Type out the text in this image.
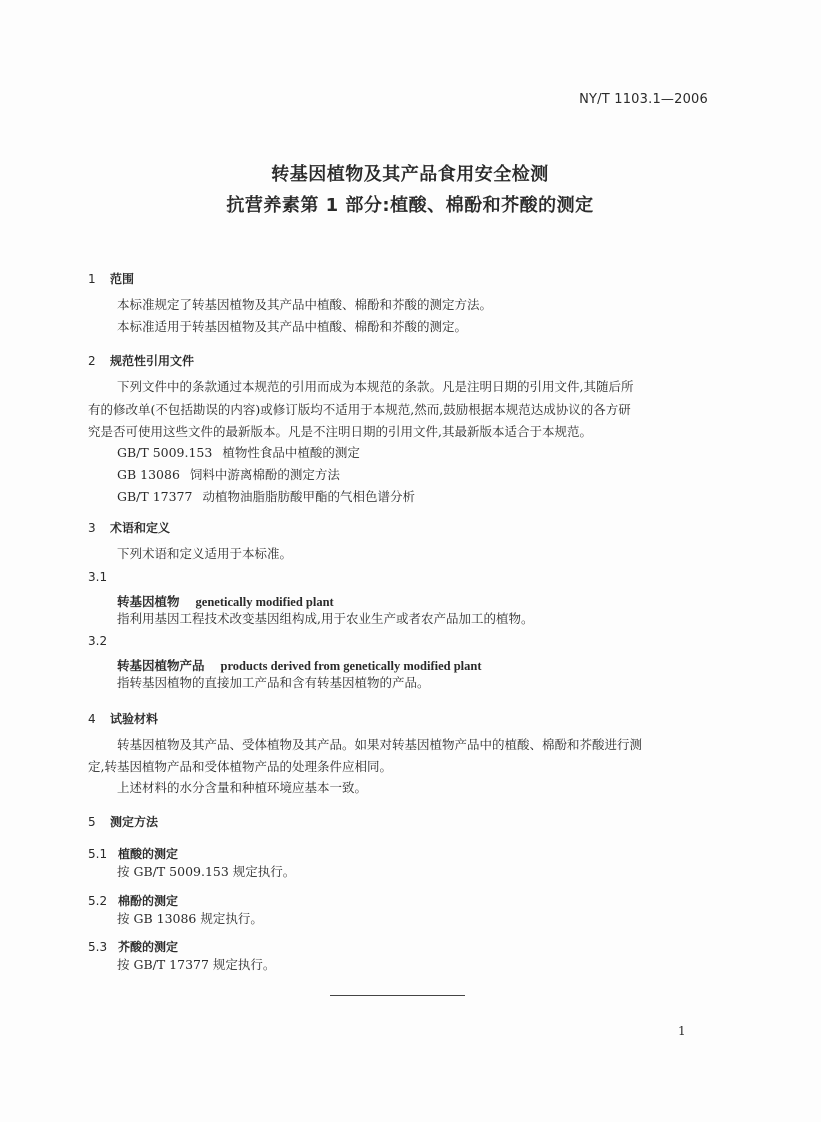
NY/T 1103.1—2006
转基因植物及其产品食用安全检测
抗营养素第 1 部分:植酸、棉酚和芥酸的测定
1 范围
本标准规定了转基因植物及其产品中植酸、棉酚和芥酸的测定方法。
本标准适用于转基因植物及其产品中植酸、棉酚和芥酸的测定。
2 规范性引用文件
下列文件中的条款通过本规范的引用而成为本规范的条款。凡是注明日期的引用文件,其随后所
有的修改单(不包括勘误的内容)或修订版均不适用于本规范,然而,鼓励根据本规范达成协议的各方研
究是否可使用这些文件的最新版本。凡是不注明日期的引用文件,其最新版本适合于本规范。
GB/T 5009.153 植物性食品中植酸的测定
GB 13086 饲料中游离棉酚的测定方法
GB/T 17377 动植物油脂脂肪酸甲酯的气相色谱分析
3 术语和定义
下列术语和定义适用于本标准。
3.1
转基因植物 genetically modified plant
指利用基因工程技术改变基因组构成,用于农业生产或者农产品加工的植物。
3.2
转基因植物产品 products derived from genetically modified plant
指转基因植物的直接加工产品和含有转基因植物的产品。
4 试验材料
转基因植物及其产品、受体植物及其产品。如果对转基因植物产品中的植酸、棉酚和芥酸进行测
定,转基因植物产品和受体植物产品的处理条件应相同。
上述材料的水分含量和种植环境应基本一致。
5 测定方法
5.1 植酸的测定
按 GB/T 5009.153 规定执行。
5.2 棉酚的测定
按 GB 13086 规定执行。
5.3 芥酸的测定
按 GB/T 17377 规定执行。
1
